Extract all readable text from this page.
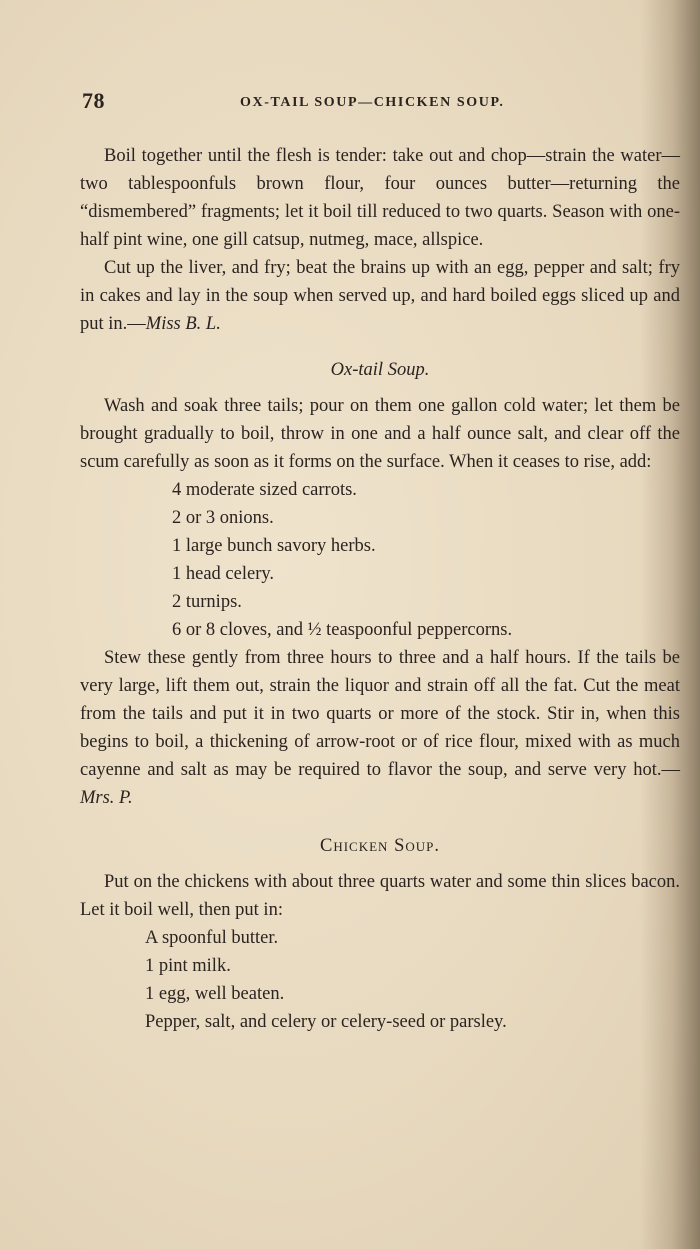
78	OX-TAIL SOUP—CHICKEN SOUP.

Boil together until the flesh is tender: take out and chop—strain the water—two tablespoonfuls brown flour, four ounces butter—returning the “dismembered” fragments; let it boil till reduced to two quarts. Season with one-half pint wine, one gill catsup, nutmeg, mace, allspice.

Cut up the liver, and fry; beat the brains up with an egg, pepper and salt; fry in cakes and lay in the soup when served up, and hard boiled eggs sliced up and put in.—Miss B. L.

Ox-tail Soup.

Wash and soak three tails; pour on them one gallon cold water; let them be brought gradually to boil, throw in one and a half ounce salt, and clear off the scum carefully as soon as it forms on the surface. When it ceases to rise, add:

4 moderate sized carrots.
2 or 3 onions.
1 large bunch savory herbs.
1 head celery.
2 turnips.
6 or 8 cloves, and ½ teaspoonful peppercorns.

Stew these gently from three hours to three and a half hours. If the tails be very large, lift them out, strain the liquor and strain off all the fat. Cut the meat from the tails and put it in two quarts or more of the stock. Stir in, when this begins to boil, a thickening of arrow-root or of rice flour, mixed with as much cayenne and salt as may be required to flavor the soup, and serve very hot.—Mrs. P.

Chicken Soup.

Put on the chickens with about three quarts water and some thin slices bacon. Let it boil well, then put in:

A spoonful butter.
1 pint milk.
1 egg, well beaten.
Pepper, salt, and celery or celery-seed or parsley.
